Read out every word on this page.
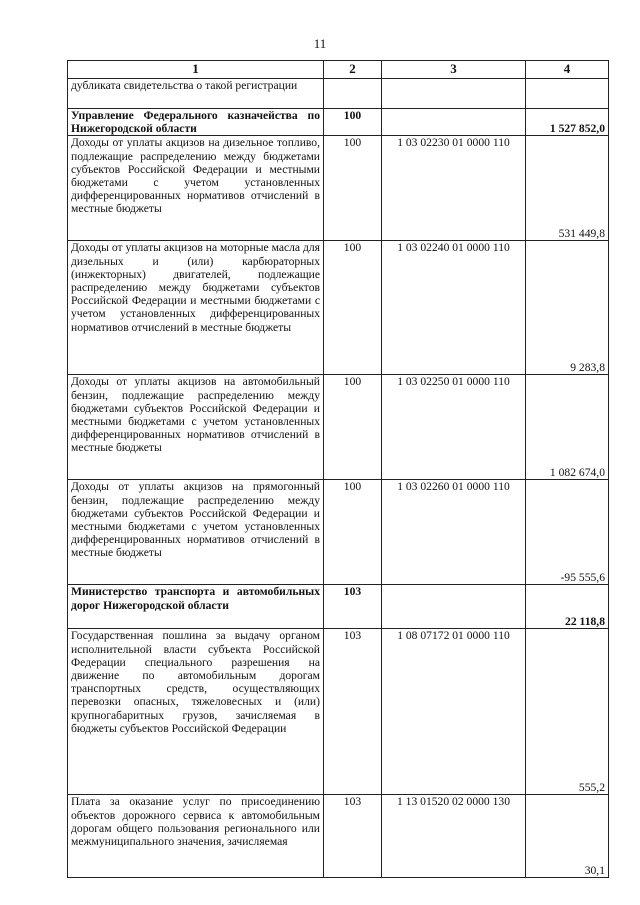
11
1	2	3	4
дубликата свидетельства о такой регистрации			
Управление Федерального казначейства по Нижегородской области	100		1 527 852,0
Доходы от уплаты акцизов на дизельное топливо, подлежащие распределению между бюджетами субъектов Российской Федерации и местными бюджетами с учетом установленных дифференцированных нормативов отчислений в местные бюджеты	100	1 03 02230 01 0000 110	531 449,8
Доходы от уплаты акцизов на моторные масла для дизельных и (или) карбюраторных (инжекторных) двигателей, подлежащие распределению между бюджетами субъектов Российской Федерации и местными бюджетами с учетом установленных дифференцированных нормативов отчислений в местные бюджеты	100	1 03 02240 01 0000 110	9 283,8
Доходы от уплаты акцизов на автомобильный бензин, подлежащие распределению между бюджетами субъектов Российской Федерации и местными бюджетами с учетом установленных дифференцированных нормативов отчислений в местные бюджеты	100	1 03 02250 01 0000 110	1 082 674,0
Доходы от уплаты акцизов на прямогонный бензин, подлежащие распределению между бюджетами субъектов Российской Федерации и местными бюджетами с учетом установленных дифференцированных нормативов отчислений в местные бюджеты	100	1 03 02260 01 0000 110	-95 555,6
Министерство транспорта и автомобильных дорог Нижегородской области	103		22 118,8
Государственная пошлина за выдачу органом исполнительной власти субъекта Российской Федерации специального разрешения на движение по автомобильным дорогам транспортных средств, осуществляющих перевозки опасных, тяжеловесных и (или) крупногабаритных грузов, зачисляемая в бюджеты субъектов Российской Федерации	103	1 08 07172 01 0000 110	555,2
Плата за оказание услуг по присоединению объектов дорожного сервиса к автомобильным дорогам общего пользования регионального или межмуниципального значения, зачисляемая	103	1 13 01520 02 0000 130	30,1
